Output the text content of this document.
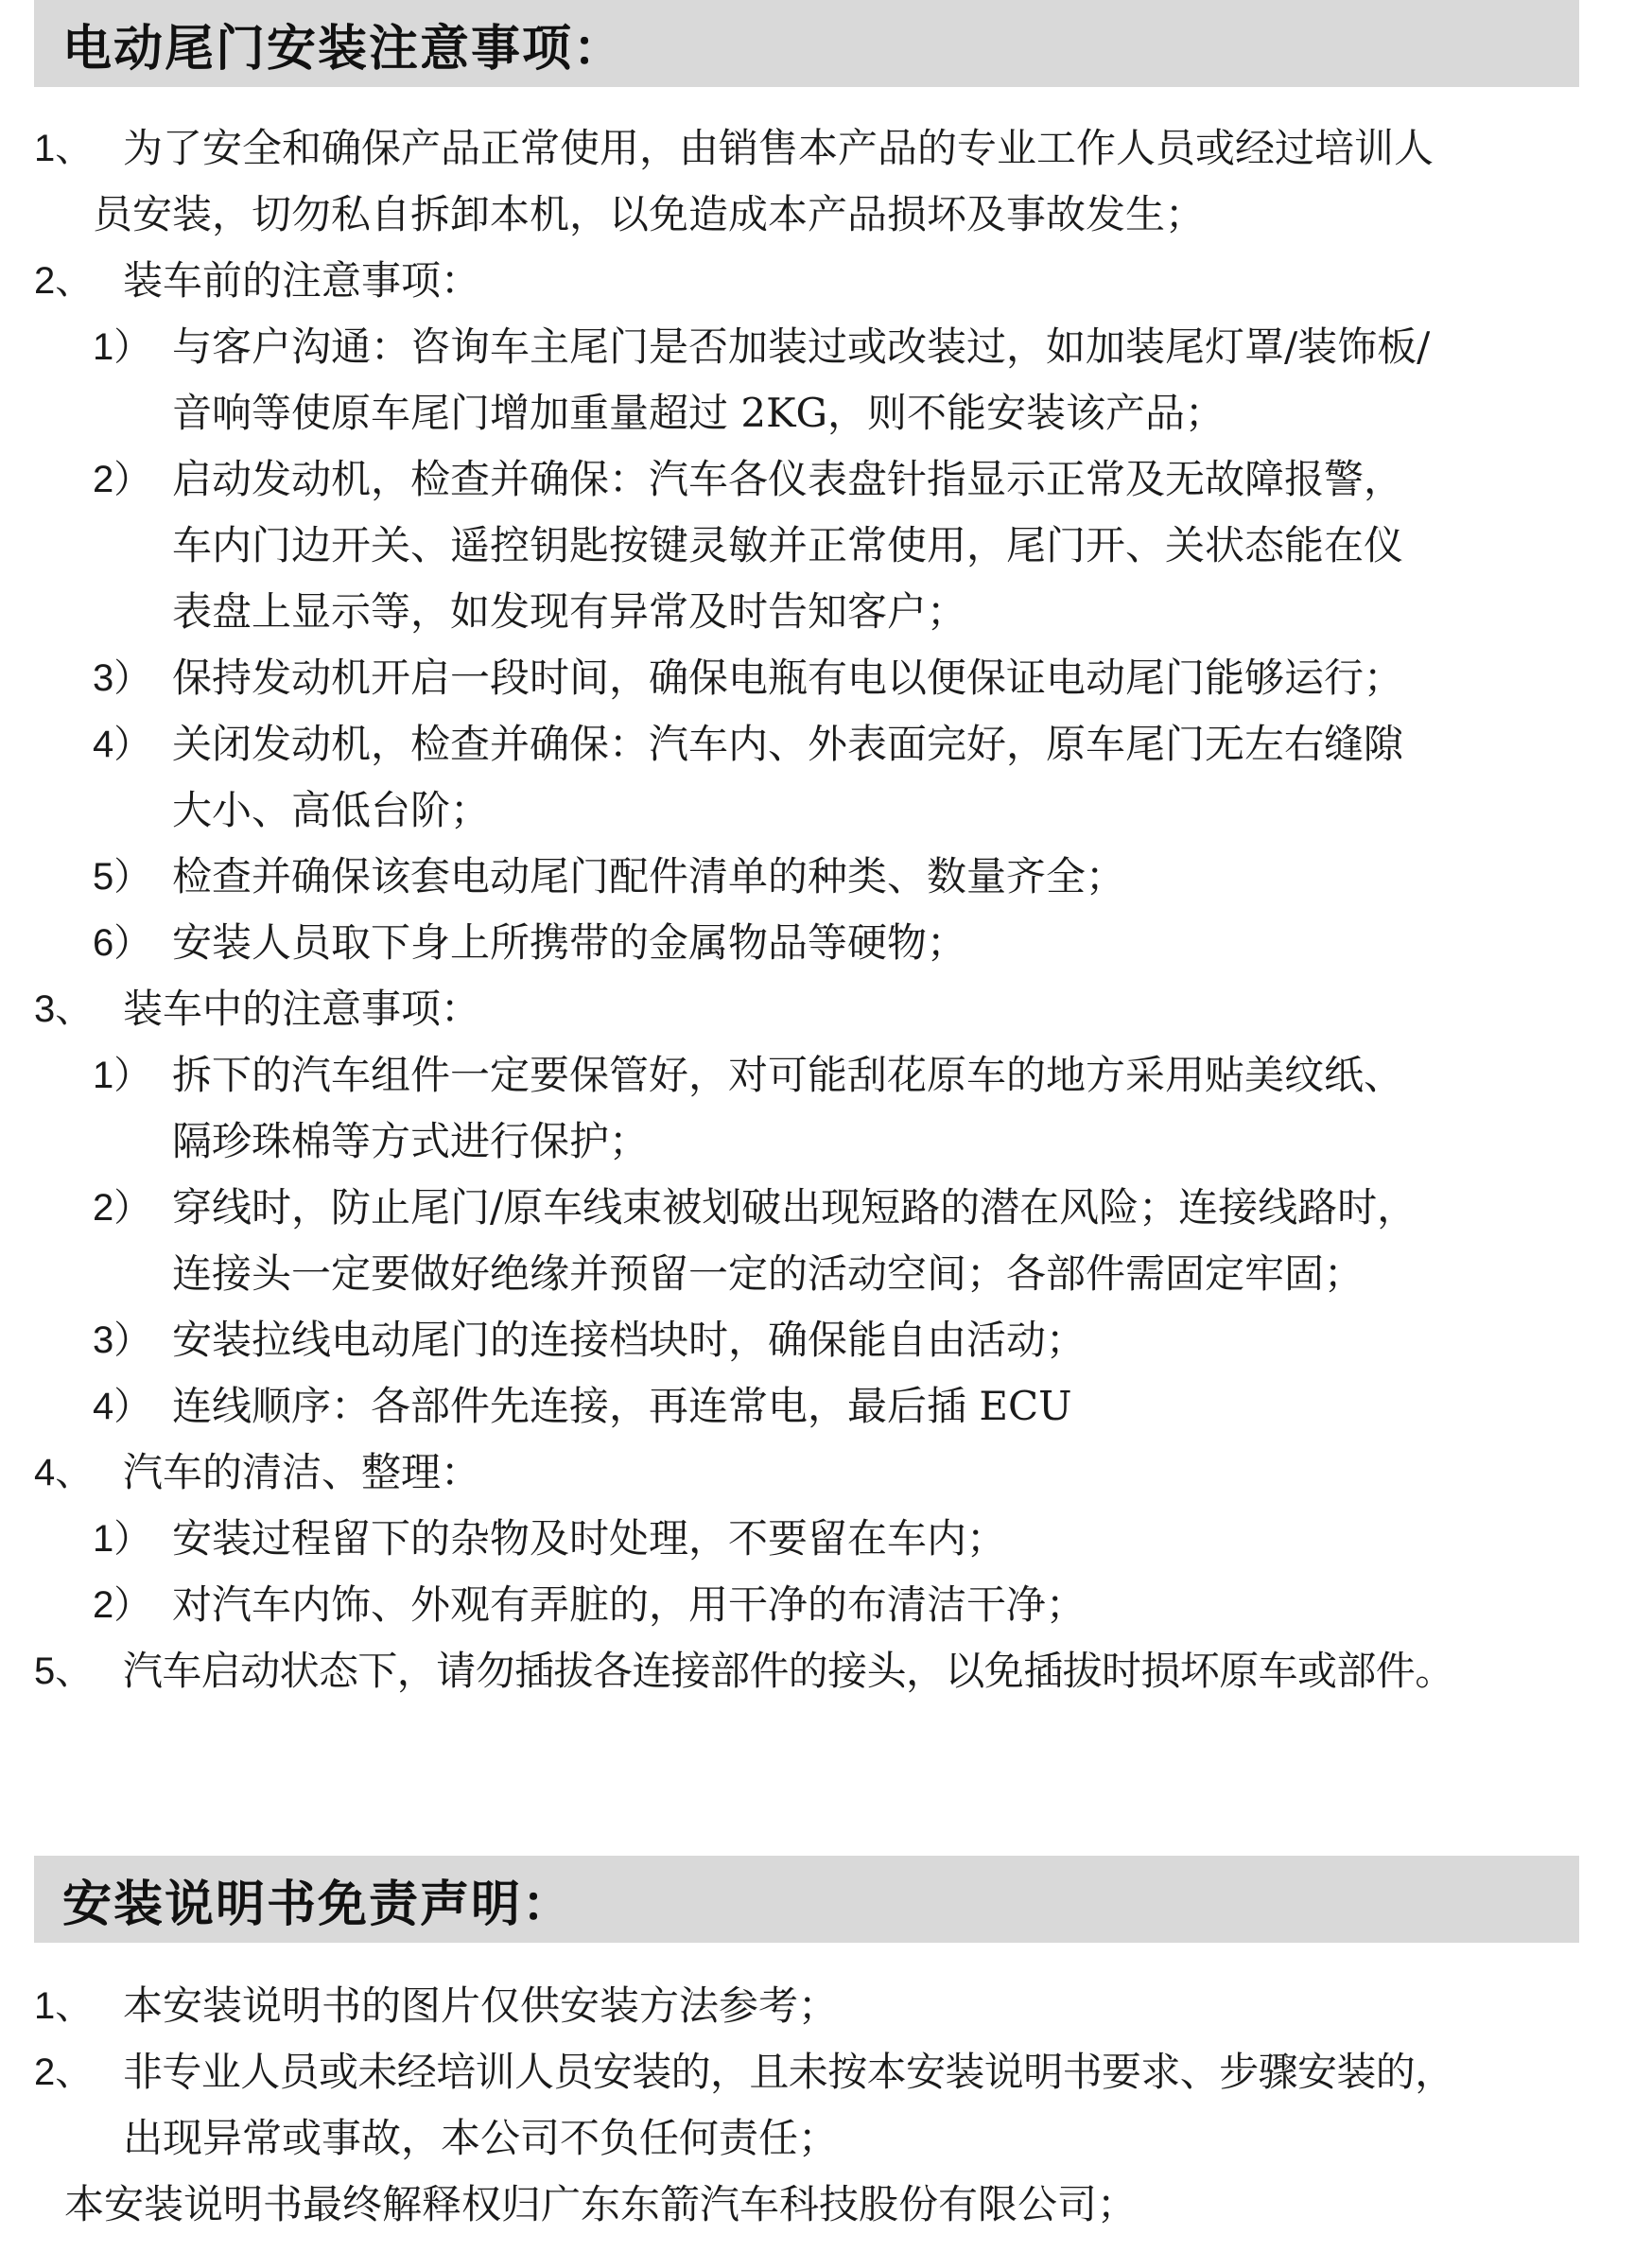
电动尾门安装注意事项：
1、 为了安全和确保产品正常使用，由销售本产品的专业工作人员或经过培训人
员安装，切勿私自拆卸本机，以免造成本产品损坏及事故发生；
2、 装车前的注意事项：
1） 与客户沟通：咨询车主尾门是否加装过或改装过，如加装尾灯罩/装饰板/
音响等使原车尾门增加重量超过 2KG，则不能安装该产品；
2） 启动发动机，检查并确保：汽车各仪表盘针指显示正常及无故障报警，
车内门边开关、遥控钥匙按键灵敏并正常使用，尾门开、关状态能在仪
表盘上显示等，如发现有异常及时告知客户；
3） 保持发动机开启一段时间，确保电瓶有电以便保证电动尾门能够运行；
4） 关闭发动机，检查并确保：汽车内、外表面完好，原车尾门无左右缝隙
大小、高低台阶；
5） 检查并确保该套电动尾门配件清单的种类、数量齐全；
6） 安装人员取下身上所携带的金属物品等硬物；
3、 装车中的注意事项：
1） 拆下的汽车组件一定要保管好，对可能刮花原车的地方采用贴美纹纸、
隔珍珠棉等方式进行保护；
2） 穿线时，防止尾门/原车线束被划破出现短路的潜在风险；连接线路时，
连接头一定要做好绝缘并预留一定的活动空间；各部件需固定牢固；
3） 安装拉线电动尾门的连接档块时，确保能自由活动；
4） 连线顺序：各部件先连接，再连常电，最后插 ECU
4、 汽车的清洁、整理：
1） 安装过程留下的杂物及时处理，不要留在车内；
2） 对汽车内饰、外观有弄脏的，用干净的布清洁干净；
5、 汽车启动状态下，请勿插拔各连接部件的接头，以免插拔时损坏原车或部件。
安装说明书免责声明：
1、 本安装说明书的图片仅供安装方法参考；
2、 非专业人员或未经培训人员安装的，且未按本安装说明书要求、步骤安装的，
出现异常或事故，本公司不负任何责任；
本安装说明书最终解释权归广东东箭汽车科技股份有限公司；
